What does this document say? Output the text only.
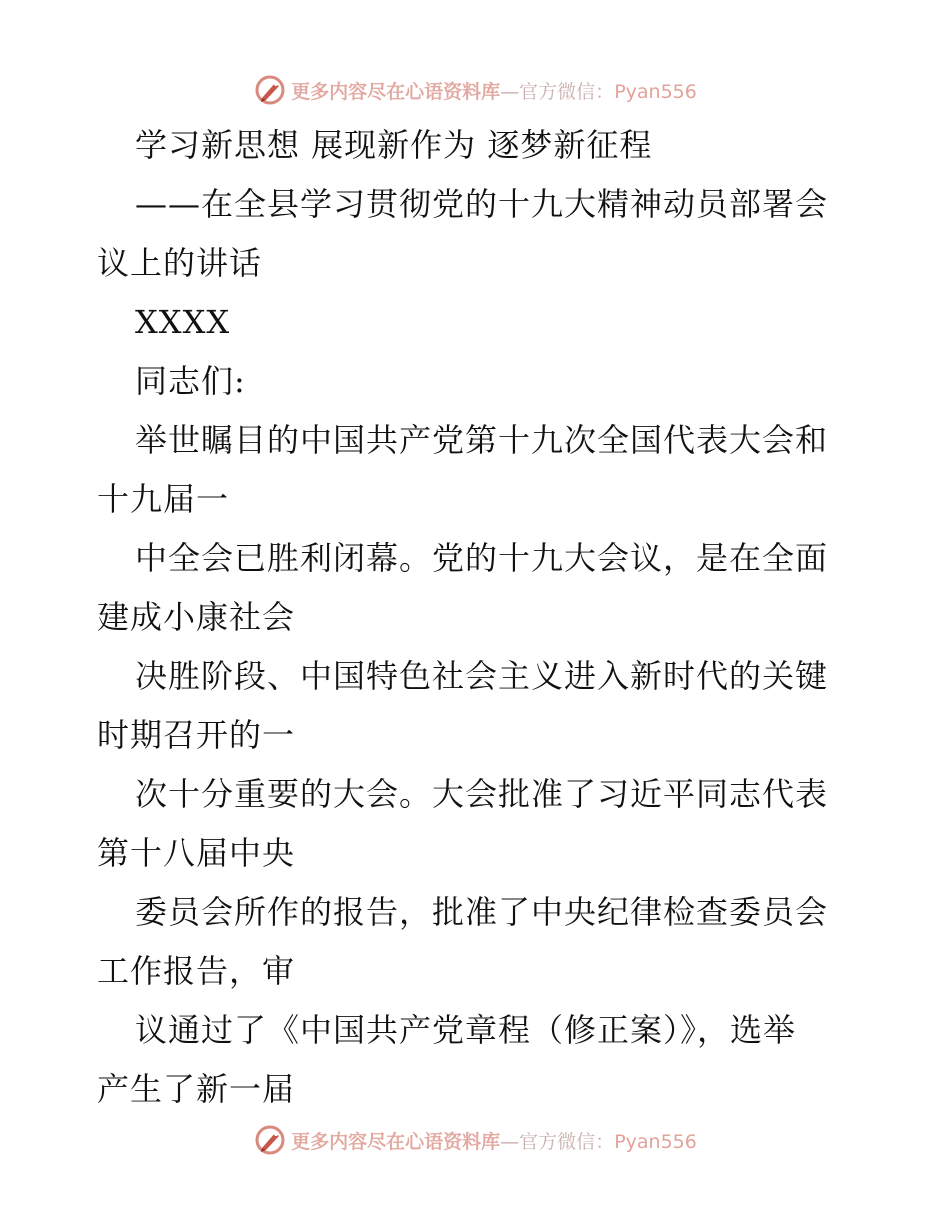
更多内容尽在心语资料库—官方微信：Pyan556
学习新思想 展现新作为 逐梦新征程
——在全县学习贯彻党的十九大精神动员部署会
议上的讲话
XXXX
同志们:
举世瞩目的中国共产党第十九次全国代表大会和
十九届一
中全会已胜利闭幕。党的十九大会议，是在全面
建成小康社会
决胜阶段、中国特色社会主义进入新时代的关键
时期召开的一
次十分重要的大会。大会批准了习近平同志代表
第十八届中央
委员会所作的报告，批准了中央纪律检查委员会
工作报告，审
议通过了《中国共产党章程（修正案）》，选举
产生了新一届
更多内容尽在心语资料库—官方微信：Pyan556
